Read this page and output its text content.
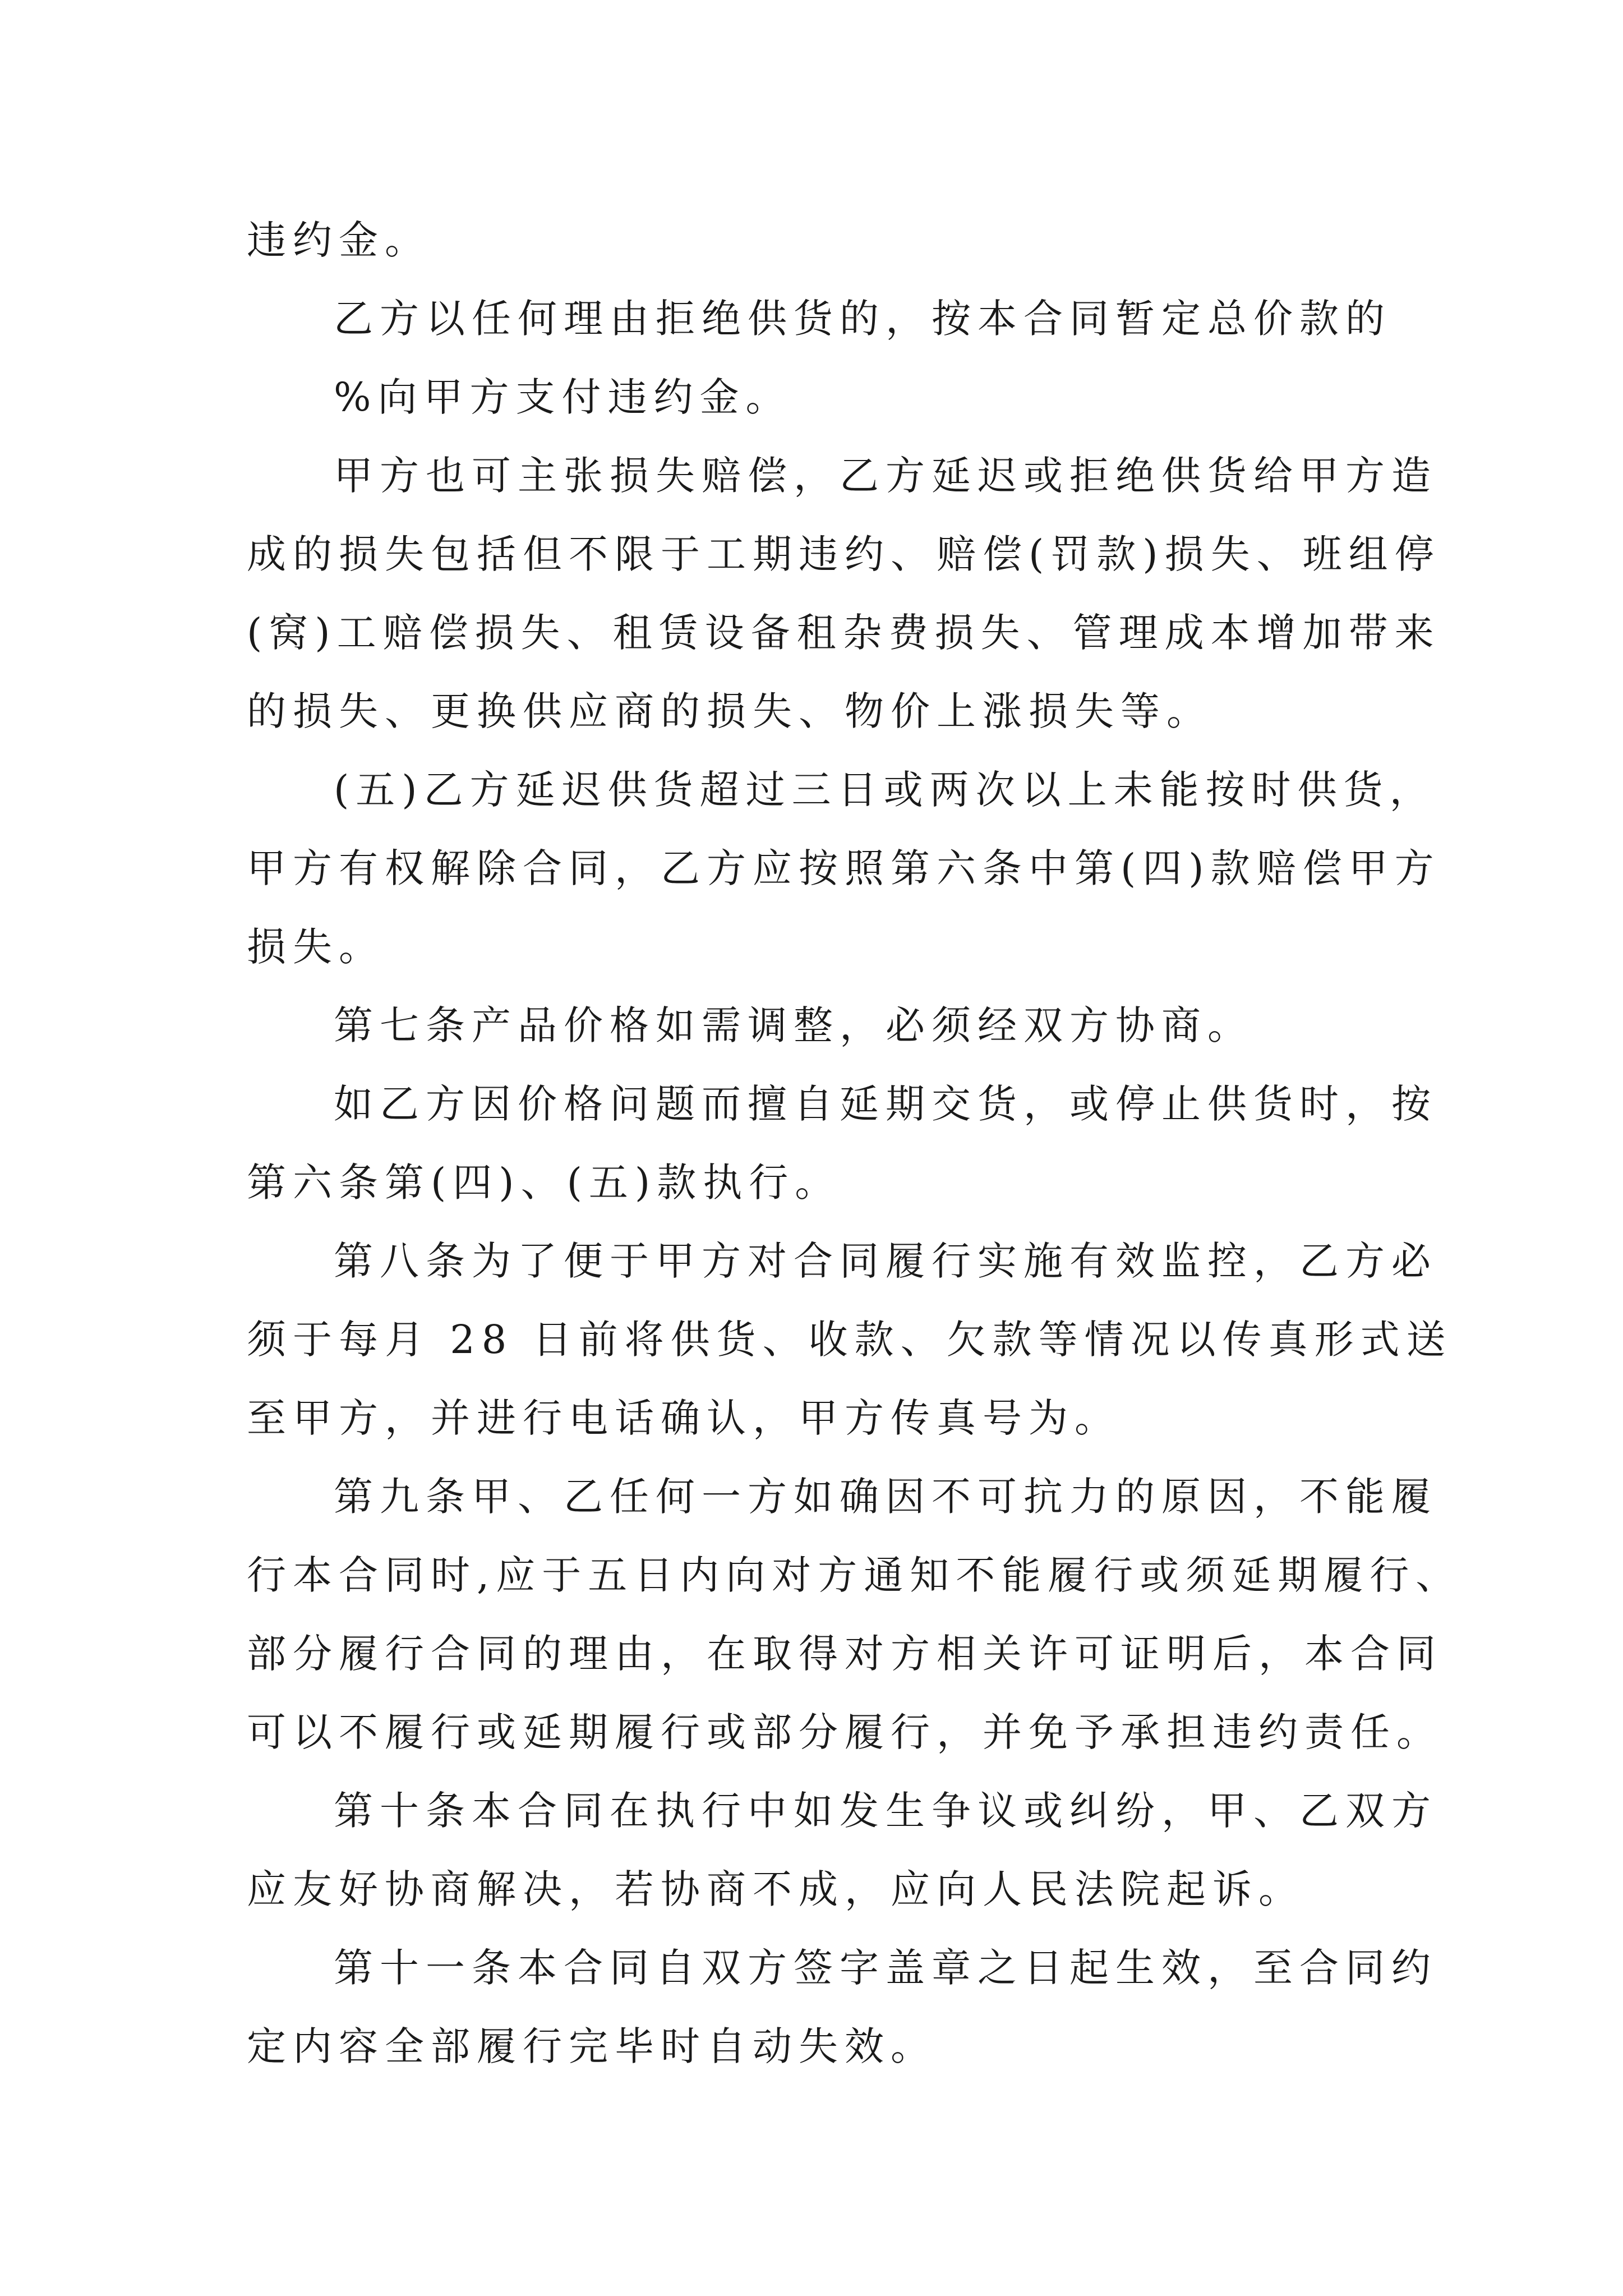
违约金。
乙方以任何理由拒绝供货的，按本合同暂定总价款的
%向甲方支付违约金。
甲方也可主张损失赔偿，乙方延迟或拒绝供货给甲方造
成的损失包括但不限于工期违约、赔偿(罚款)损失、班组停
(窝)工赔偿损失、租赁设备租杂费损失、管理成本增加带来
的损失、更换供应商的损失、物价上涨损失等。
(五)乙方延迟供货超过三日或两次以上未能按时供货，
甲方有权解除合同，乙方应按照第六条中第(四)款赔偿甲方
损失。
第七条产品价格如需调整，必须经双方协商。
如乙方因价格问题而擅自延期交货，或停止供货时，按
第六条第(四)、(五)款执行。
第八条为了便于甲方对合同履行实施有效监控，乙方必
须于每月 28 日前将供货、收款、欠款等情况以传真形式送
至甲方，并进行电话确认，甲方传真号为。
第九条甲、乙任何一方如确因不可抗力的原因，不能履
行本合同时,应于五日内向对方通知不能履行或须延期履行、
部分履行合同的理由，在取得对方相关许可证明后，本合同
可以不履行或延期履行或部分履行，并免予承担违约责任。
第十条本合同在执行中如发生争议或纠纷，甲、乙双方
应友好协商解决，若协商不成，应向人民法院起诉。
第十一条本合同自双方签字盖章之日起生效，至合同约
定内容全部履行完毕时自动失效。
